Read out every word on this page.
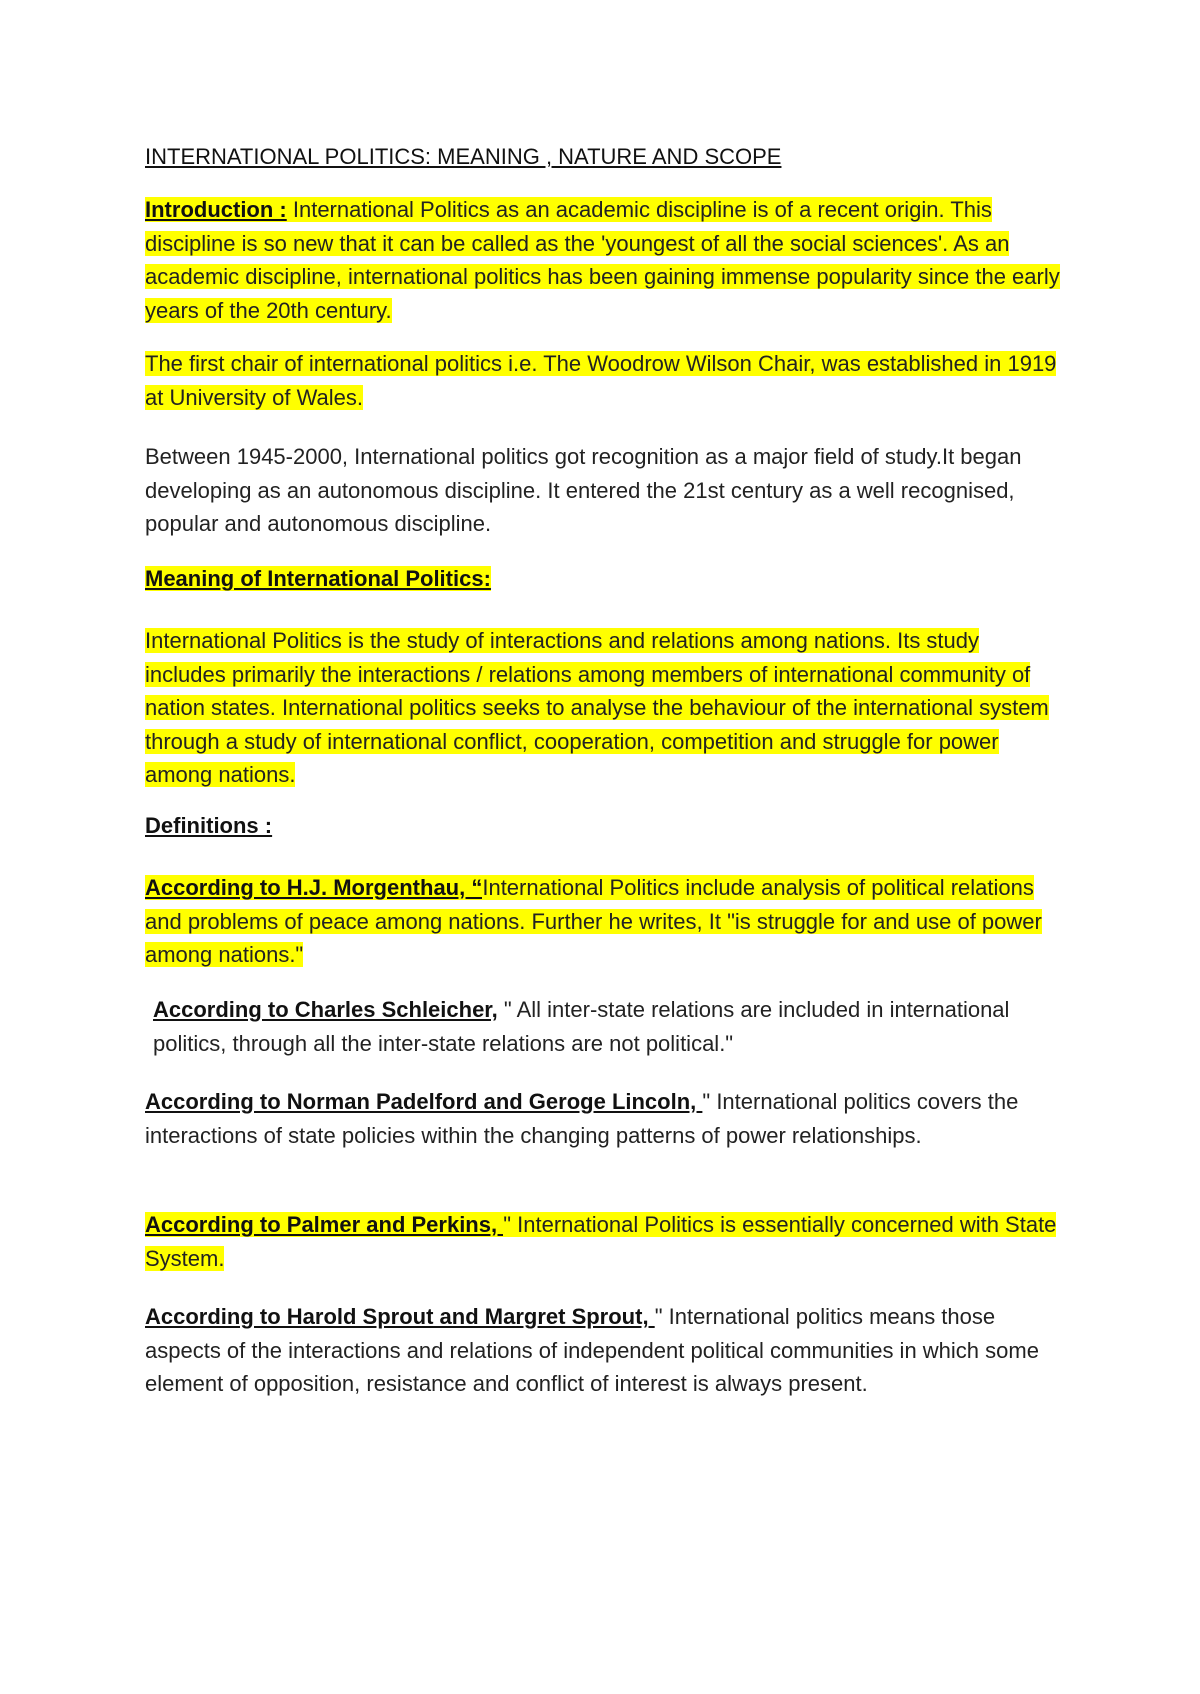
INTERNATIONAL POLITICS: MEANING , NATURE AND SCOPE
Introduction : International Politics as an academic discipline is of a recent origin. This discipline is so new that it can be called as the 'youngest of all the social sciences'. As an academic discipline, international politics has been gaining immense popularity since the early years of the 20th century.
The first chair of international politics i.e. The Woodrow Wilson Chair, was established in 1919 at University of Wales.
Between 1945-2000, International politics got recognition as a major field of study.It began developing as an autonomous discipline. It entered the 21st century as a well recognised, popular and autonomous discipline.
Meaning of International Politics:
International Politics is the study of interactions and relations among nations. Its study includes primarily the interactions / relations among members of international community of nation states. International politics seeks to analyse the behaviour of the international system through a study of international conflict, cooperation, competition and struggle for power among nations.
Definitions :
According to H.J. Morgenthau, “International Politics include analysis of political relations and problems of peace among nations. Further he writes, It "is struggle for and use of power among nations."
According to Charles Schleicher, " All inter-state relations are included in international politics, through all the inter-state relations are not political."
According to Norman Padelford and Geroge Lincoln, " International politics covers the interactions of state policies within the changing patterns of power relationships.
According to Palmer and Perkins, " International Politics is essentially concerned with State System.
According to Harold Sprout and Margret Sprout, " International politics means those aspects of the interactions and relations of independent political communities in which some element of opposition, resistance and conflict of interest is always present.
